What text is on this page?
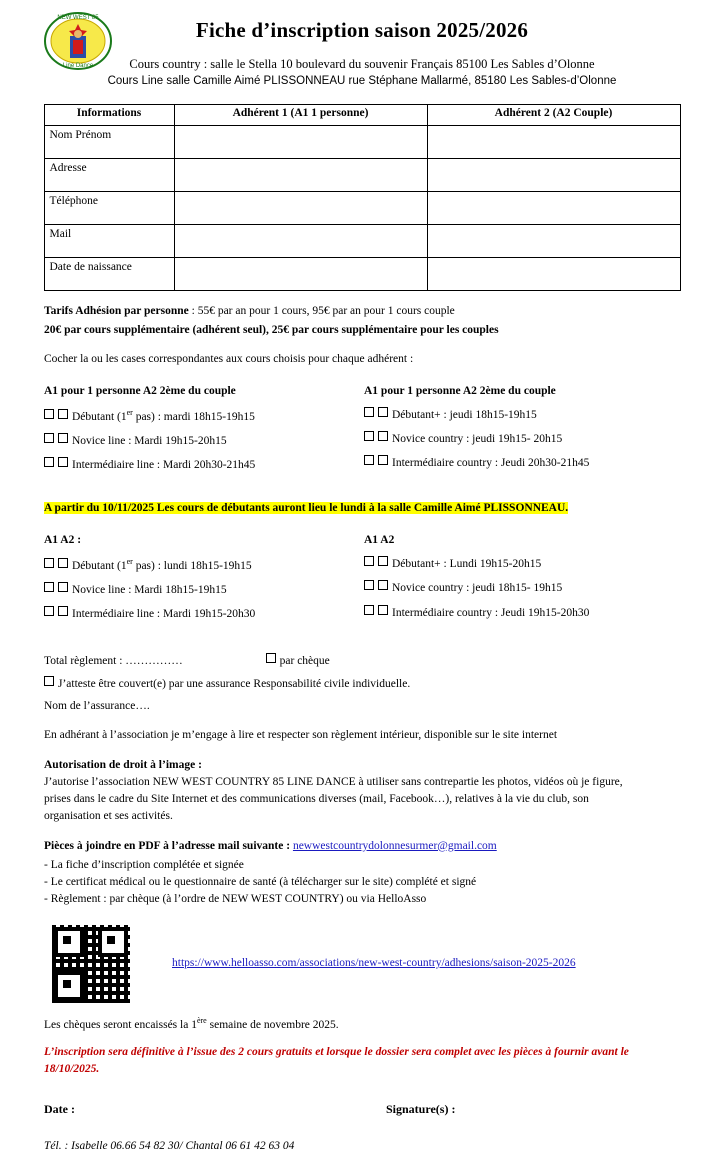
NEW WEST 85
Line Dance
Fiche d’inscription saison 2025/2026
Cours country : salle le Stella 10 boulevard du souvenir Français 85100 Les Sables d’Olonne
Cours Line salle Camille Aimé PLISSONNEAU rue Stéphane Mallarmé, 85180 Les Sables-d’Olonne
Informations	Adhérent 1 (A1 1 personne)	Adhérent 2 (A2 Couple)
Nom Prénom		
Adresse		
Téléphone		
Mail		
Date de naissance		
Tarifs Adhésion par personne : 55€ par an pour 1 cours, 95€ par an pour 1 cours couple
20€ par cours supplémentaire (adhérent seul), 25€ par cours supplémentaire pour les couples
Cocher la ou les cases correspondantes aux cours choisis pour chaque adhérent :
A1 pour 1 personne A2 2ème du couple
Débutant (1er pas) : mardi 18h15-19h15
Novice line : Mardi 19h15-20h15
Intermédiaire line : Mardi 20h30-21h45
A1 pour 1 personne A2 2ème du couple
Débutant+ : jeudi 18h15-19h15
Novice country : jeudi 19h15- 20h15
Intermédiaire country : Jeudi 20h30-21h45
A partir du 10/11/2025 Les cours de débutants auront lieu le lundi à la salle Camille Aimé PLISSONNEAU.
A1 A2 :
Débutant (1er pas) : lundi 18h15-19h15
Novice line : Mardi 18h15-19h15
Intermédiaire line : Mardi 19h15-20h30
A1 A2
Débutant+ : Lundi 19h15-20h15
Novice country : jeudi 18h15- 19h15
Intermédiaire country : Jeudi 19h15-20h30
Total règlement : ……………	par chèque
J’atteste être couvert(e) par une assurance Responsabilité civile individuelle.
Nom de l’assurance….
En adhérant à l’association je m’engage à lire et respecter son règlement intérieur, disponible sur le site internet
Autorisation de droit à l’image :
J’autorise l’association NEW WEST COUNTRY 85 LINE DANCE à utiliser sans contrepartie les photos, vidéos où je figure,
prises dans le cadre du Site Internet et des communications diverses (mail, Facebook…), relatives à la vie du club, son
organisation et ses activités.
Pièces à joindre en PDF à l’adresse mail suivante : newwestcountrydolonnesurmer@gmail.com
- La fiche d’inscription complétée et signée
- Le certificat médical ou le questionnaire de santé (à télécharger sur le site) complété et signé
- Règlement : par chèque (à l’ordre de NEW WEST COUNTRY) ou via HelloAsso
https://www.helloasso.com/associations/new-west-country/adhesions/saison-2025-2026
Les chèques seront encaissés la 1ère semaine de novembre 2025.
L’inscription sera définitive à l’issue des 2 cours gratuits et lorsque le dossier sera complet avec les pièces à fournir avant le
18/10/2025.
Date :	Signature(s) :
Tél. : Isabelle 06.66 54 82 30/ Chantal 06 61 42 63 04
